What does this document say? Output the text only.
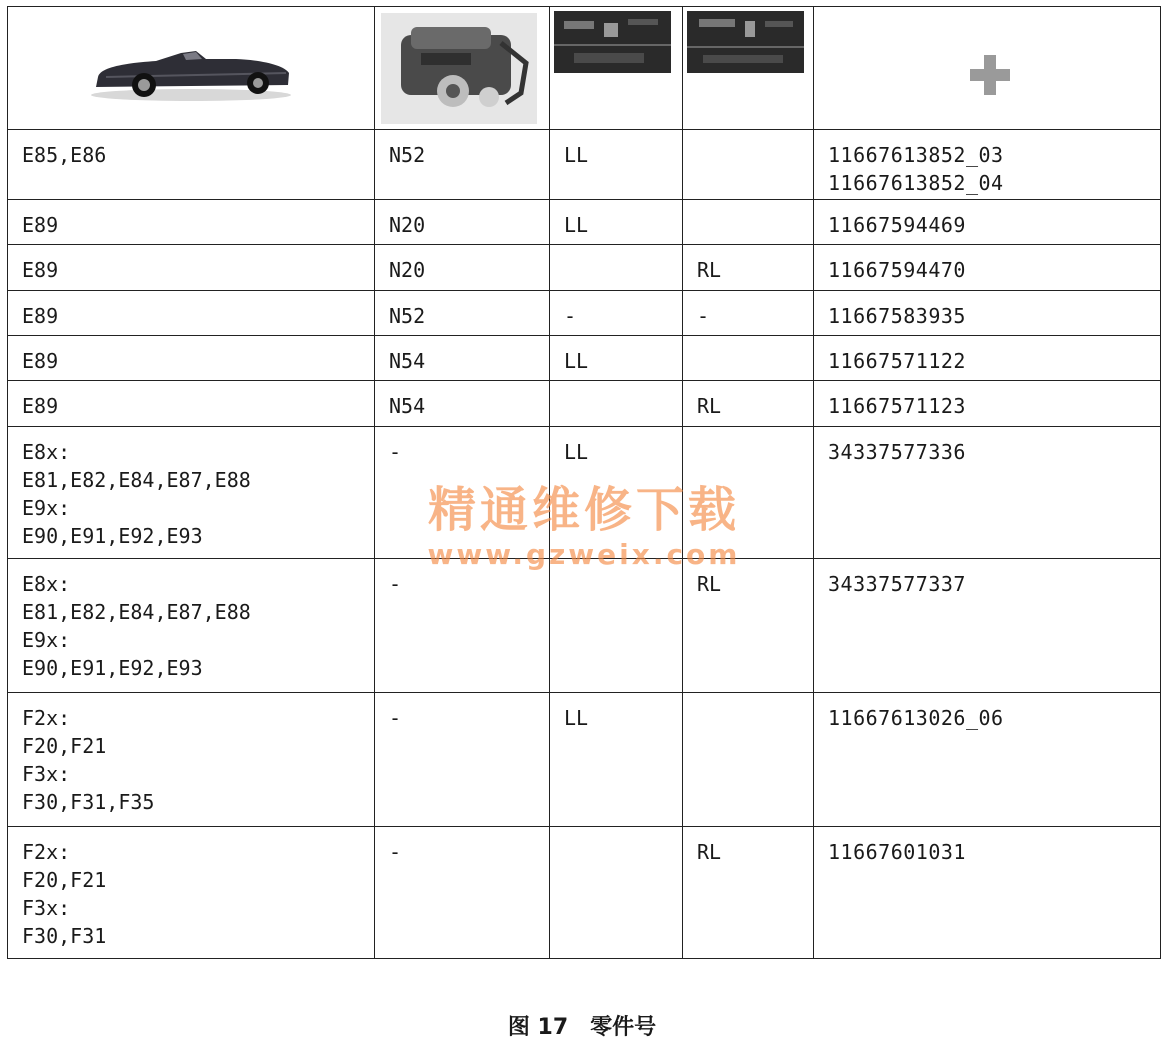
E85,E86	N52	LL		11667613852_03
11667613852_04

E89	N20	LL		11667594469

E89	N20		RL	11667594470

E89	N52	-	-	11667583935

E89	N54	LL		11667571122

E89	N54		RL	11667571123

E8x:
E81,E82,E84,E87,E88
E9x:
E90,E91,E92,E93	-	LL		34337577336

E8x:
E81,E82,E84,E87,E88
E9x:
E90,E91,E92,E93	-		RL	34337577337

F2x:
F20,F21
F3x:
F30,F31,F35	-	LL		11667613026_06

F2x:
F20,F21
F3x:
F30,F31	-		RL	11667601031
精通维修下载
www.gzweix.com
图 17　零件号
